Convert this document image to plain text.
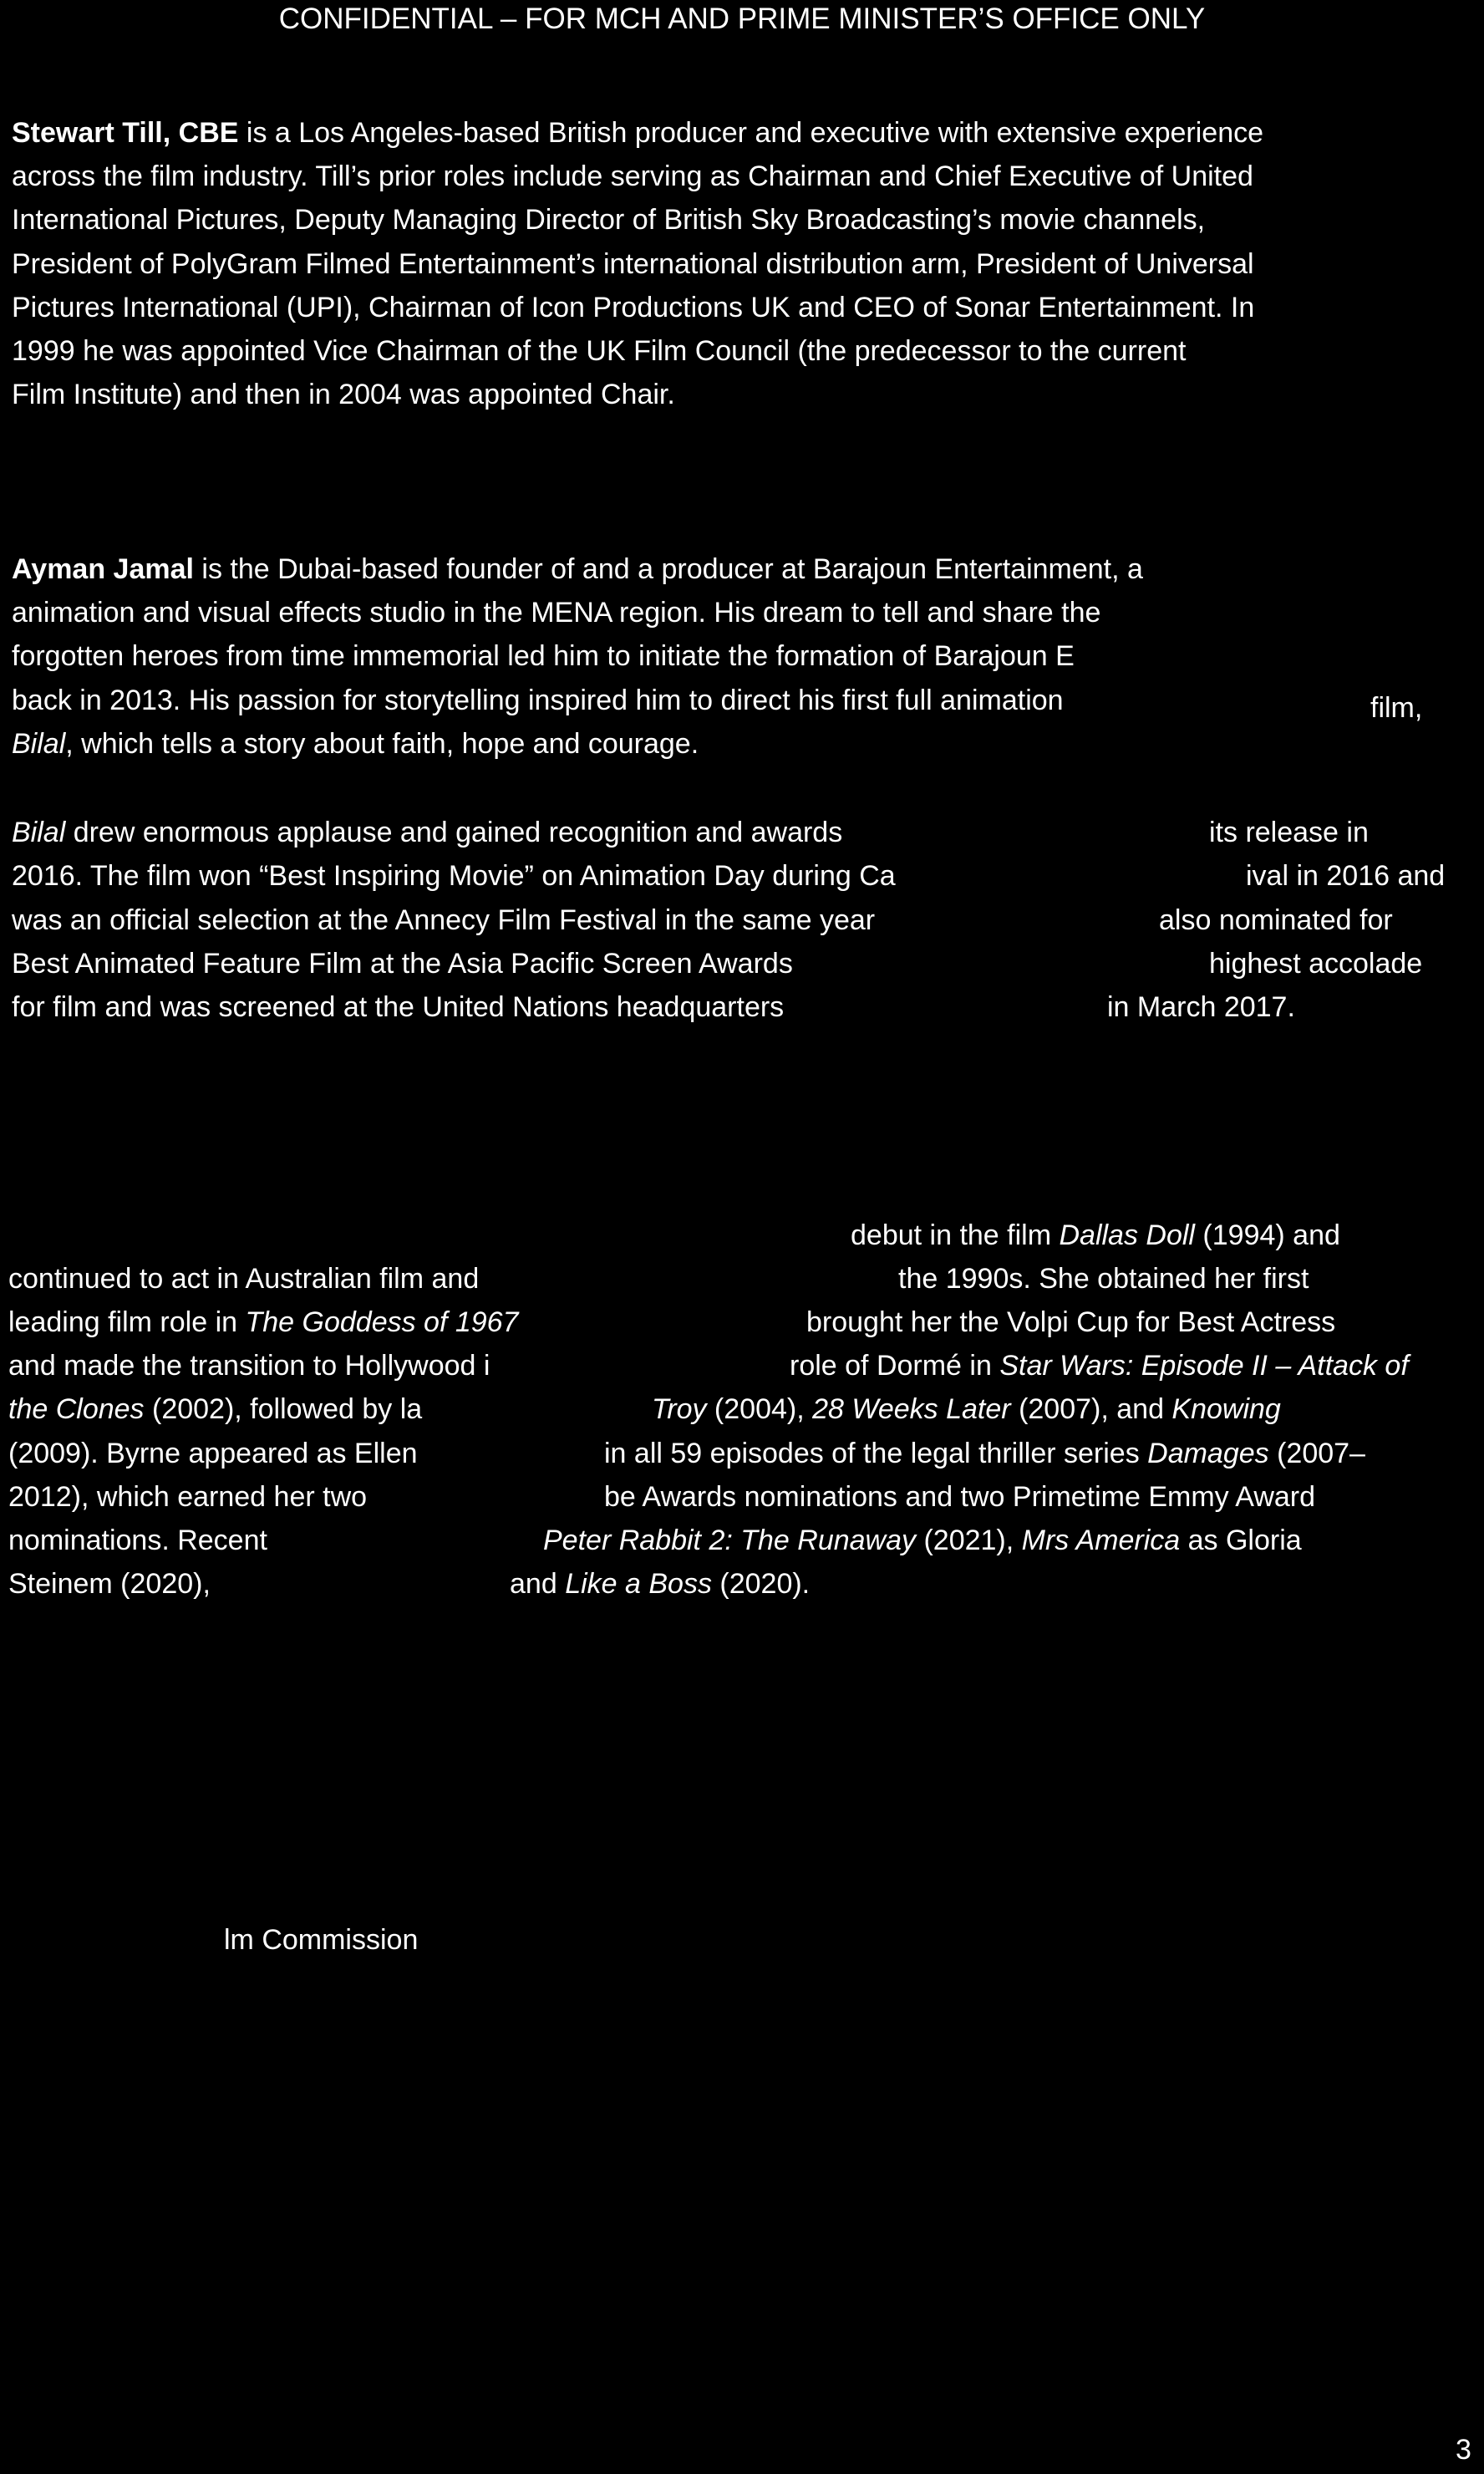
CONFIDENTIAL – FOR MCH AND PRIME MINISTER’S OFFICE ONLY
Stewart Till, CBE is a Los Angeles-based British producer and executive with extensive experience
across the film industry. Till’s prior roles include serving as Chairman and Chief Executive of United
International Pictures, Deputy Managing Director of British Sky Broadcasting’s movie channels,
President of PolyGram Filmed Entertainment’s international distribution arm, President of Universal
Pictures International (UPI), Chairman of Icon Productions UK and CEO of Sonar Entertainment. In
1999 he was appointed Vice Chairman of the UK Film Council (the predecessor to the current
Film Institute) and then in 2004 was appointed Chair.
Ayman Jamal is the Dubai-based founder of and a producer at Barajoun Entertainment, a
animation and visual effects studio in the MENA region. His dream to tell and share the
forgotten heroes from time immemorial led him to initiate the formation of Barajoun E
back in 2013. His passion for storytelling inspired him to direct his first full animation	film,
Bilal, which tells a story about faith, hope and courage.
Bilal drew enormous applause and gained recognition and awards
2016. The film won “Best Inspiring Movie” on Animation Day during Ca
was an official selection at the Annecy Film Festival in the same year
Best Animated Feature Film at the Asia Pacific Screen Awards
for film and was screened at the United Nations headquarters
its release in
ival in 2016 and
also nominated for
highest accolade
in March 2017.
debut in the film Dallas Doll (1994) and
continued to act in Australian film and	the 1990s. She obtained her first
leading film role in The Goddess of 1967	brought her the Volpi Cup for Best Actress
and made the transition to Hollywood i	role of Dormé in Star Wars: Episode II – Attack of
the Clones (2002), followed by la	Troy (2004), 28 Weeks Later (2007), and Knowing
(2009). Byrne appeared as Ellen	in all 59 episodes of the legal thriller series Damages (2007–
2012), which earned her two	be Awards nominations and two Primetime Emmy Award
nominations. Recent	Peter Rabbit 2: The Runaway (2021), Mrs America as Gloria
Steinem (2020),	and Like a Boss (2020).
lm Commission
3
